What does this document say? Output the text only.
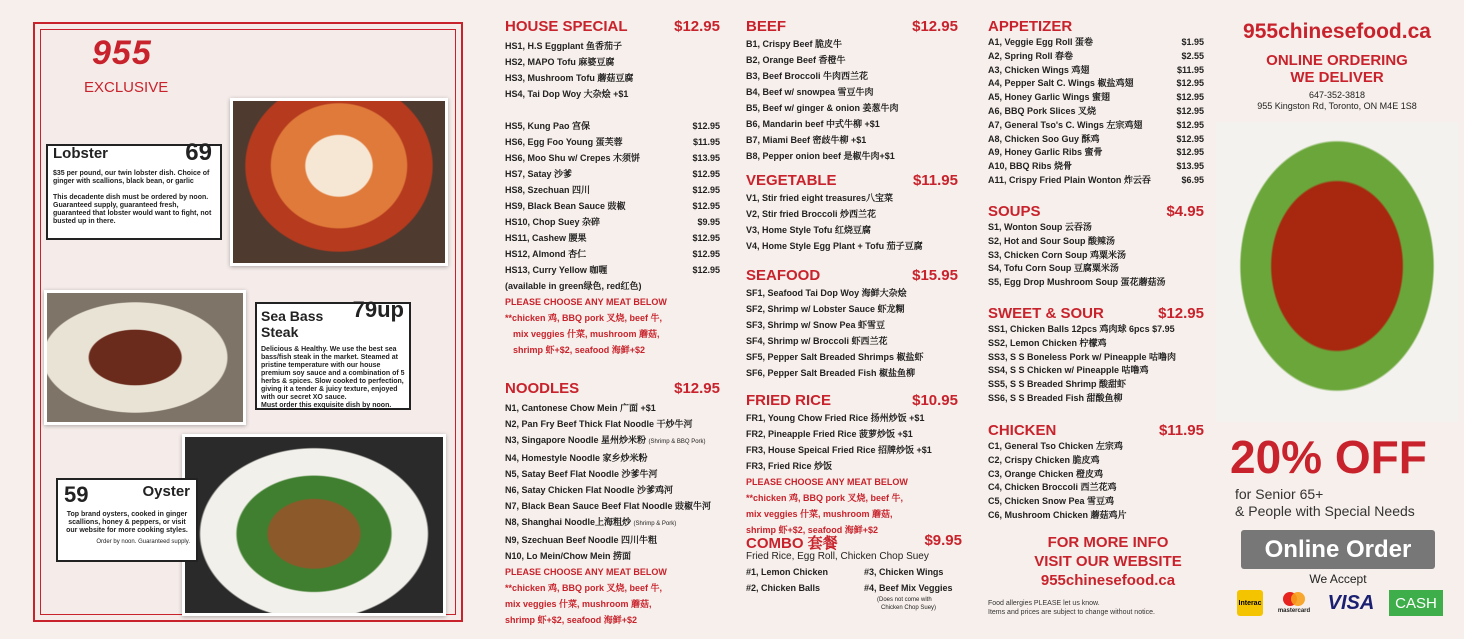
955
EXCLUSIVE
Lobster	69
$35 per pound, our twin lobster dish. Choice of ginger with scallions, black bean, or garlic
This decadente dish must be ordered by noon. Guaranteed supply, guaranteed fresh, guaranteed that lobster would want to fight, not busted up in there.
Sea Bass Steak
79up
Delicious & Healthy. We use the best sea bass/fish steak in the market. Steamed at pristine temperature with our house premium soy sauce and a combination of 5 herbs & spices. Slow cooked to perfection, giving it a tender & juicy texture, enjoyed with our secret XO sauce.
Must order this exquisite dish by noon.
59	Oyster
Top brand oysters, cooked in ginger scallions, honey & peppers, or visit our website for more cooking styles.
Order by noon. Guaranteed supply.
HOUSE SPECIAL	$12.95
HS1, H.S Eggplant 鱼香茄子
HS2, MAPO Tofu 麻婆豆腐
HS3, Mushroom Tofu 蘑菇豆腐
HS4, Tai Dop Woy 大杂烩 +$1
HS5, Kung Pao 宫保	$12.95
HS6, Egg Foo Young 蛋芙蓉	$11.95
HS6, Moo Shu w/ Crepes 木须饼	$13.95
HS7, Satay 沙爹	$12.95
HS8, Szechuan 四川	$12.95
HS9, Black Bean Sauce 豉椒	$12.95
HS10, Chop Suey 杂碎	$9.95
HS11, Cashew 腰果	$12.95
HS12, Almond 杏仁	$12.95
HS13, Curry Yellow 咖喱	$12.95
(available in green绿色, red红色)
PLEASE CHOOSE ANY MEAT BELOW
**chicken 鸡, BBQ pork 叉烧, beef 牛,
mix veggies 什菜, mushroom 蘑菇,
shrimp 虾+$2, seafood 海鲜+$2
NOODLES	$12.95
N1, Cantonese Chow Mein 广面 +$1
N2, Pan Fry Beef Thick Flat Noodle 干炒牛河
N3, Singapore Noodle 星州炒米粉 (Shrimp & BBQ Pork)
N4, Homestyle Noodle 家乡炒米粉
N5, Satay Beef Flat Noodle 沙爹牛河
N6, Satay Chicken Flat Noodle 沙爹鸡河
N7, Black Bean Sauce Beef Flat Noodle 豉椒牛河
N8, Shanghai Noodle上海粗炒 (Shrimp & Pork)
N9, Szechuan Beef Noodle 四川牛粗
N10, Lo Mein/Chow Mein 捞面
PLEASE CHOOSE ANY MEAT BELOW
**chicken 鸡, BBQ pork 叉烧, beef 牛,
mix veggies 什菜, mushroom 蘑菇,
shrimp 虾+$2, seafood 海鲜+$2
BEEF	$12.95
B1, Crispy Beef 脆皮牛
B2, Orange Beef 香橙牛
B3, Beef Broccoli 牛肉西兰花
B4, Beef w/ snowpea 雪豆牛肉
B5, Beef w/ ginger & onion 姜葱牛肉
B6, Mandarin beef 中式牛柳 +$1
B7, Miami Beef 密歧牛柳 +$1
B8, Pepper onion beef 是椒牛肉+$1
VEGETABLE	$11.95
V1, Stir fried eight treasures八宝菜
V2, Stir fried Broccoli 炒西兰花
V3, Home Style Tofu 红烧豆腐
V4, Home Style Egg Plant + Tofu 茄子豆腐
SEAFOOD	$15.95
SF1, Seafood Tai Dop Woy 海鲜大杂烩
SF2, Shrimp w/ Lobster Sauce 虾龙糊
SF3, Shrimp w/ Snow Pea 虾雪豆
SF4, Shrimp w/ Broccoli 虾西兰花
SF5, Pepper Salt Breaded Shrimps 椒盐虾
SF6, Pepper Salt Breaded Fish 椒盐鱼柳
FRIED RICE	$10.95
FR1, Young Chow Fried Rice 扬州炒饭 +$1
FR2, Pineapple Fried Rice 菠萝炒饭 +$1
FR3, House Speical Fried Rice 招牌炒饭 +$1
FR3, Fried Rice 炒饭
PLEASE CHOOSE ANY MEAT BELOW
**chicken 鸡, BBQ pork 叉烧, beef 牛,
mix veggies 什菜, mushroom 蘑菇,
shrimp 虾+$2, seafood 海鲜+$2
COMBO 套餐	$9.95
Fried Rice, Egg Roll, Chicken Chop Suey
#1, Lemon Chicken	#3, Chicken Wings
#2, Chicken Balls	#4, Beef Mix Veggies
(Does not come with
Chicken Chop Suey)
APPETIZER
A1, Veggie Egg Roll 蛋卷	$1.95
A2, Spring Roll 春卷	$2.55
A3, Chicken Wings 鸡翅	$11.95
A4, Pepper Salt C. Wings 椒盐鸡翅	$12.95
A5, Honey Garlic Wings 蜜翅	$12.95
A6, BBQ Pork Slices 叉烧	$12.95
A7, General Tso's C. Wings 左宗鸡翅	$12.95
A8, Chicken Soo Guy 酥鸡	$12.95
A9, Honey Garlic Ribs 蜜骨	$12.95
A10, BBQ Ribs 烧骨	$13.95
A11, Crispy Fried Plain Wonton 炸云吞	$6.95
SOUPS	$4.95
S1, Wonton Soup 云吞汤
S2, Hot and Sour Soup 酸辣汤
S3, Chicken Corn Soup 鸡粟米汤
S4, Tofu Corn Soup 豆腐粟米汤
S5, Egg Drop Mushroom Soup 蛋花蘑菇汤
SWEET & SOUR	$12.95
SS1, Chicken Balls 12pcs 鸡肉球 6pcs $7.95
SS2, Lemon Chicken 柠檬鸡
SS3, S S Boneless Pork w/ Pineapple 咕噜肉
SS4, S S Chicken w/ Pineapple 咕噜鸡
SS5, S S Breaded Shrimp 酸甜虾
SS6, S S Breaded Fish 甜酸鱼柳
CHICKEN	$11.95
C1, General Tso Chicken 左宗鸡
C2, Crispy Chicken 脆皮鸡
C3, Orange Chicken 橙皮鸡
C4, Chicken Broccoli 西兰花鸡
C5, Chicken Snow Pea 雪豆鸡
C6, Mushroom Chicken 蘑菇鸡片
FOR MORE INFO
VISIT OUR WEBSITE
955chinesefood.ca
Food allergies PLEASE let us know.
Items and prices are subject to change without notice.
955chinesefood.ca
ONLINE ORDERING
WE DELIVER
647-352-3818
955 Kingston Rd, Toronto, ON M4E 1S8
20% OFF
for Senior 65+
& People with Special Needs
Online Order
We Accept
Interac
mastercard VISA	CASH
